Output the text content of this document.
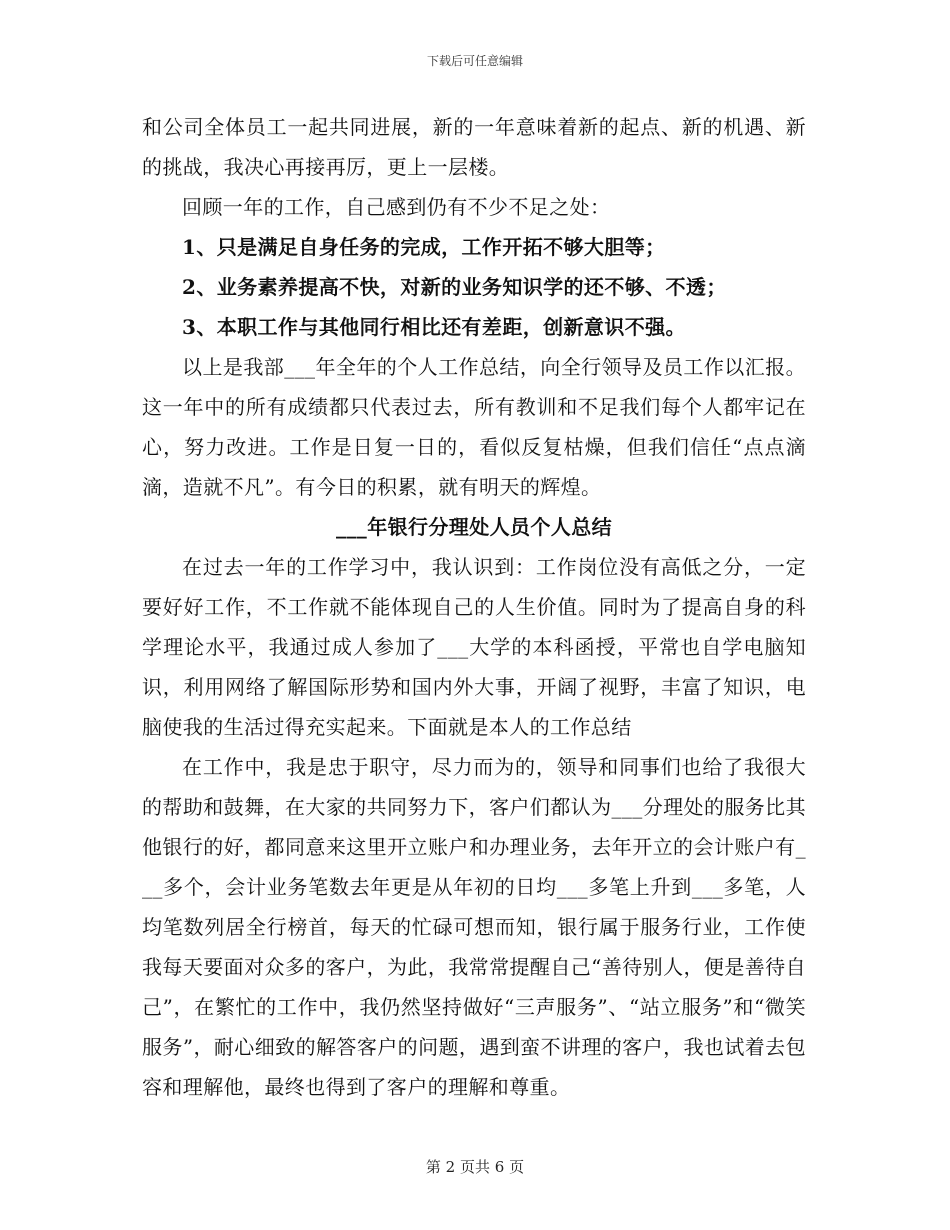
下载后可任意编辑

和公司全体员工一起共同进展，新的一年意味着新的起点、新的机遇、新的挑战，我决心再接再厉，更上一层楼。

回顾一年的工作，自己感到仍有不少不足之处：

1、只是满足自身任务的完成，工作开拓不够大胆等；

2、业务素养提高不快，对新的业务知识学的还不够、不透；

3、本职工作与其他同行相比还有差距，创新意识不强。

以上是我部___年全年的个人工作总结，向全行领导及员工作以汇报。这一年中的所有成绩都只代表过去，所有教训和不足我们每个人都牢记在心，努力改进。工作是日复一日的，看似反复枯燥，但我们信任“点点滴滴，造就不凡”。有今日的积累，就有明天的辉煌。

___年银行分理处人员个人总结

在过去一年的工作学习中，我认识到：工作岗位没有高低之分，一定要好好工作，不工作就不能体现自己的人生价值。同时为了提高自身的科学理论水平，我通过成人参加了___大学的本科函授，平常也自学电脑知识，利用网络了解国际形势和国内外大事，开阔了视野，丰富了知识，电脑使我的生活过得充实起来。下面就是本人的工作总结

在工作中，我是忠于职守，尽力而为的，领导和同事们也给了我很大的帮助和鼓舞，在大家的共同努力下，客户们都认为___分理处的服务比其他银行的好，都同意来这里开立账户和办理业务，去年开立的会计账户有___多个，会计业务笔数去年更是从年初的日均___多笔上升到___多笔，人均笔数列居全行榜首，每天的忙碌可想而知，银行属于服务行业，工作使我每天要面对众多的客户，为此，我常常提醒自己“善待别人，便是善待自己”，在繁忙的工作中，我仍然坚持做好“三声服务”、“站立服务”和“微笑服务”，耐心细致的解答客户的问题，遇到蛮不讲理的客户，我也试着去包容和理解他，最终也得到了客户的理解和尊重。

第 2 页共 6 页
